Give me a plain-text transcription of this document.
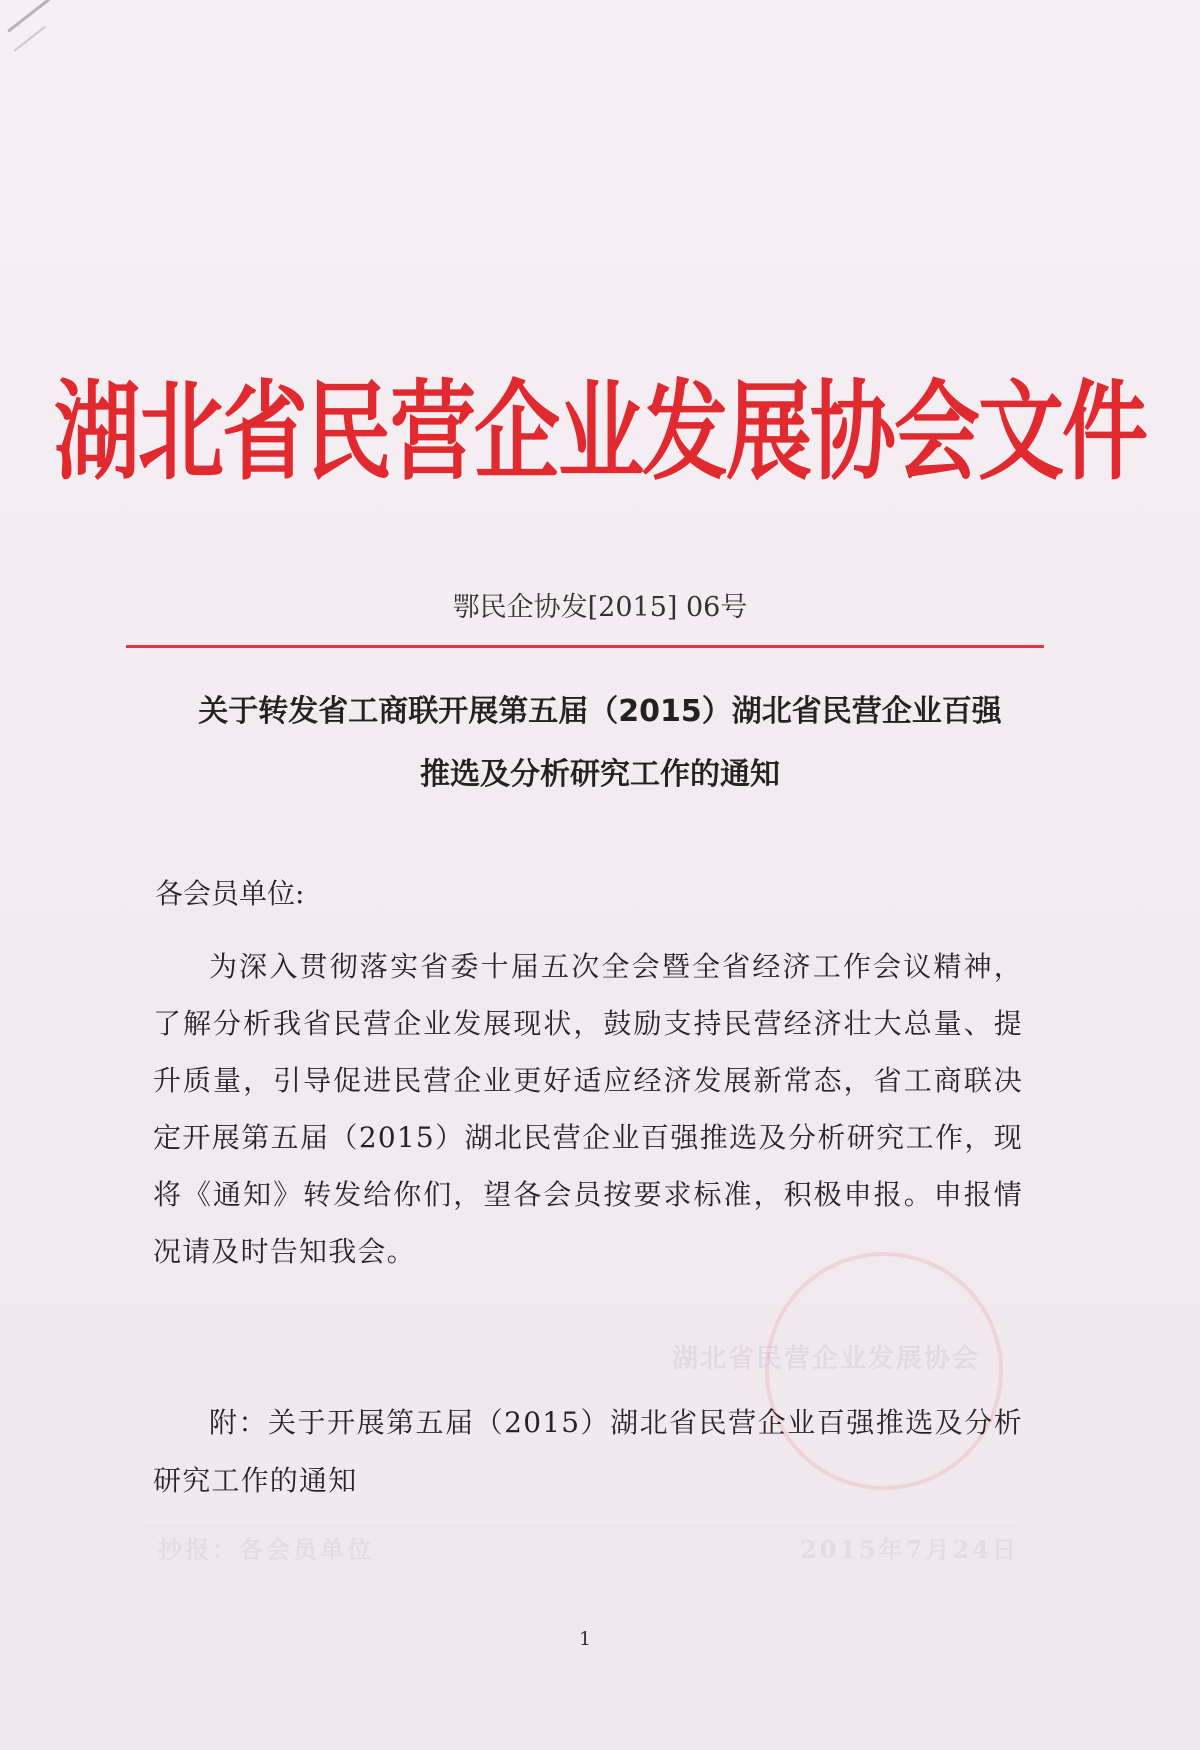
湖北省民营企业发展协会文件
鄂民企协发[2015] 06号
关于转发省工商联开展第五届（2015）湖北省民营企业百强
推选及分析研究工作的通知
各会员单位:
为深入贯彻落实省委十届五次全会暨全省经济工作会议精神，了解分析我省民营企业发展现状，鼓励支持民营经济壮大总量、提升质量，引导促进民营企业更好适应经济发展新常态，省工商联决定开展第五届（2015）湖北民营企业百强推选及分析研究工作，现将《通知》转发给你们，望各会员按要求标准，积极申报。申报情况请及时告知我会。
湖北省民营企业发展协会
附：关于开展第五届（2015）湖北省民营企业百强推选及分析研究工作的通知
抄报：各会员单位	2015年7月24日
1
